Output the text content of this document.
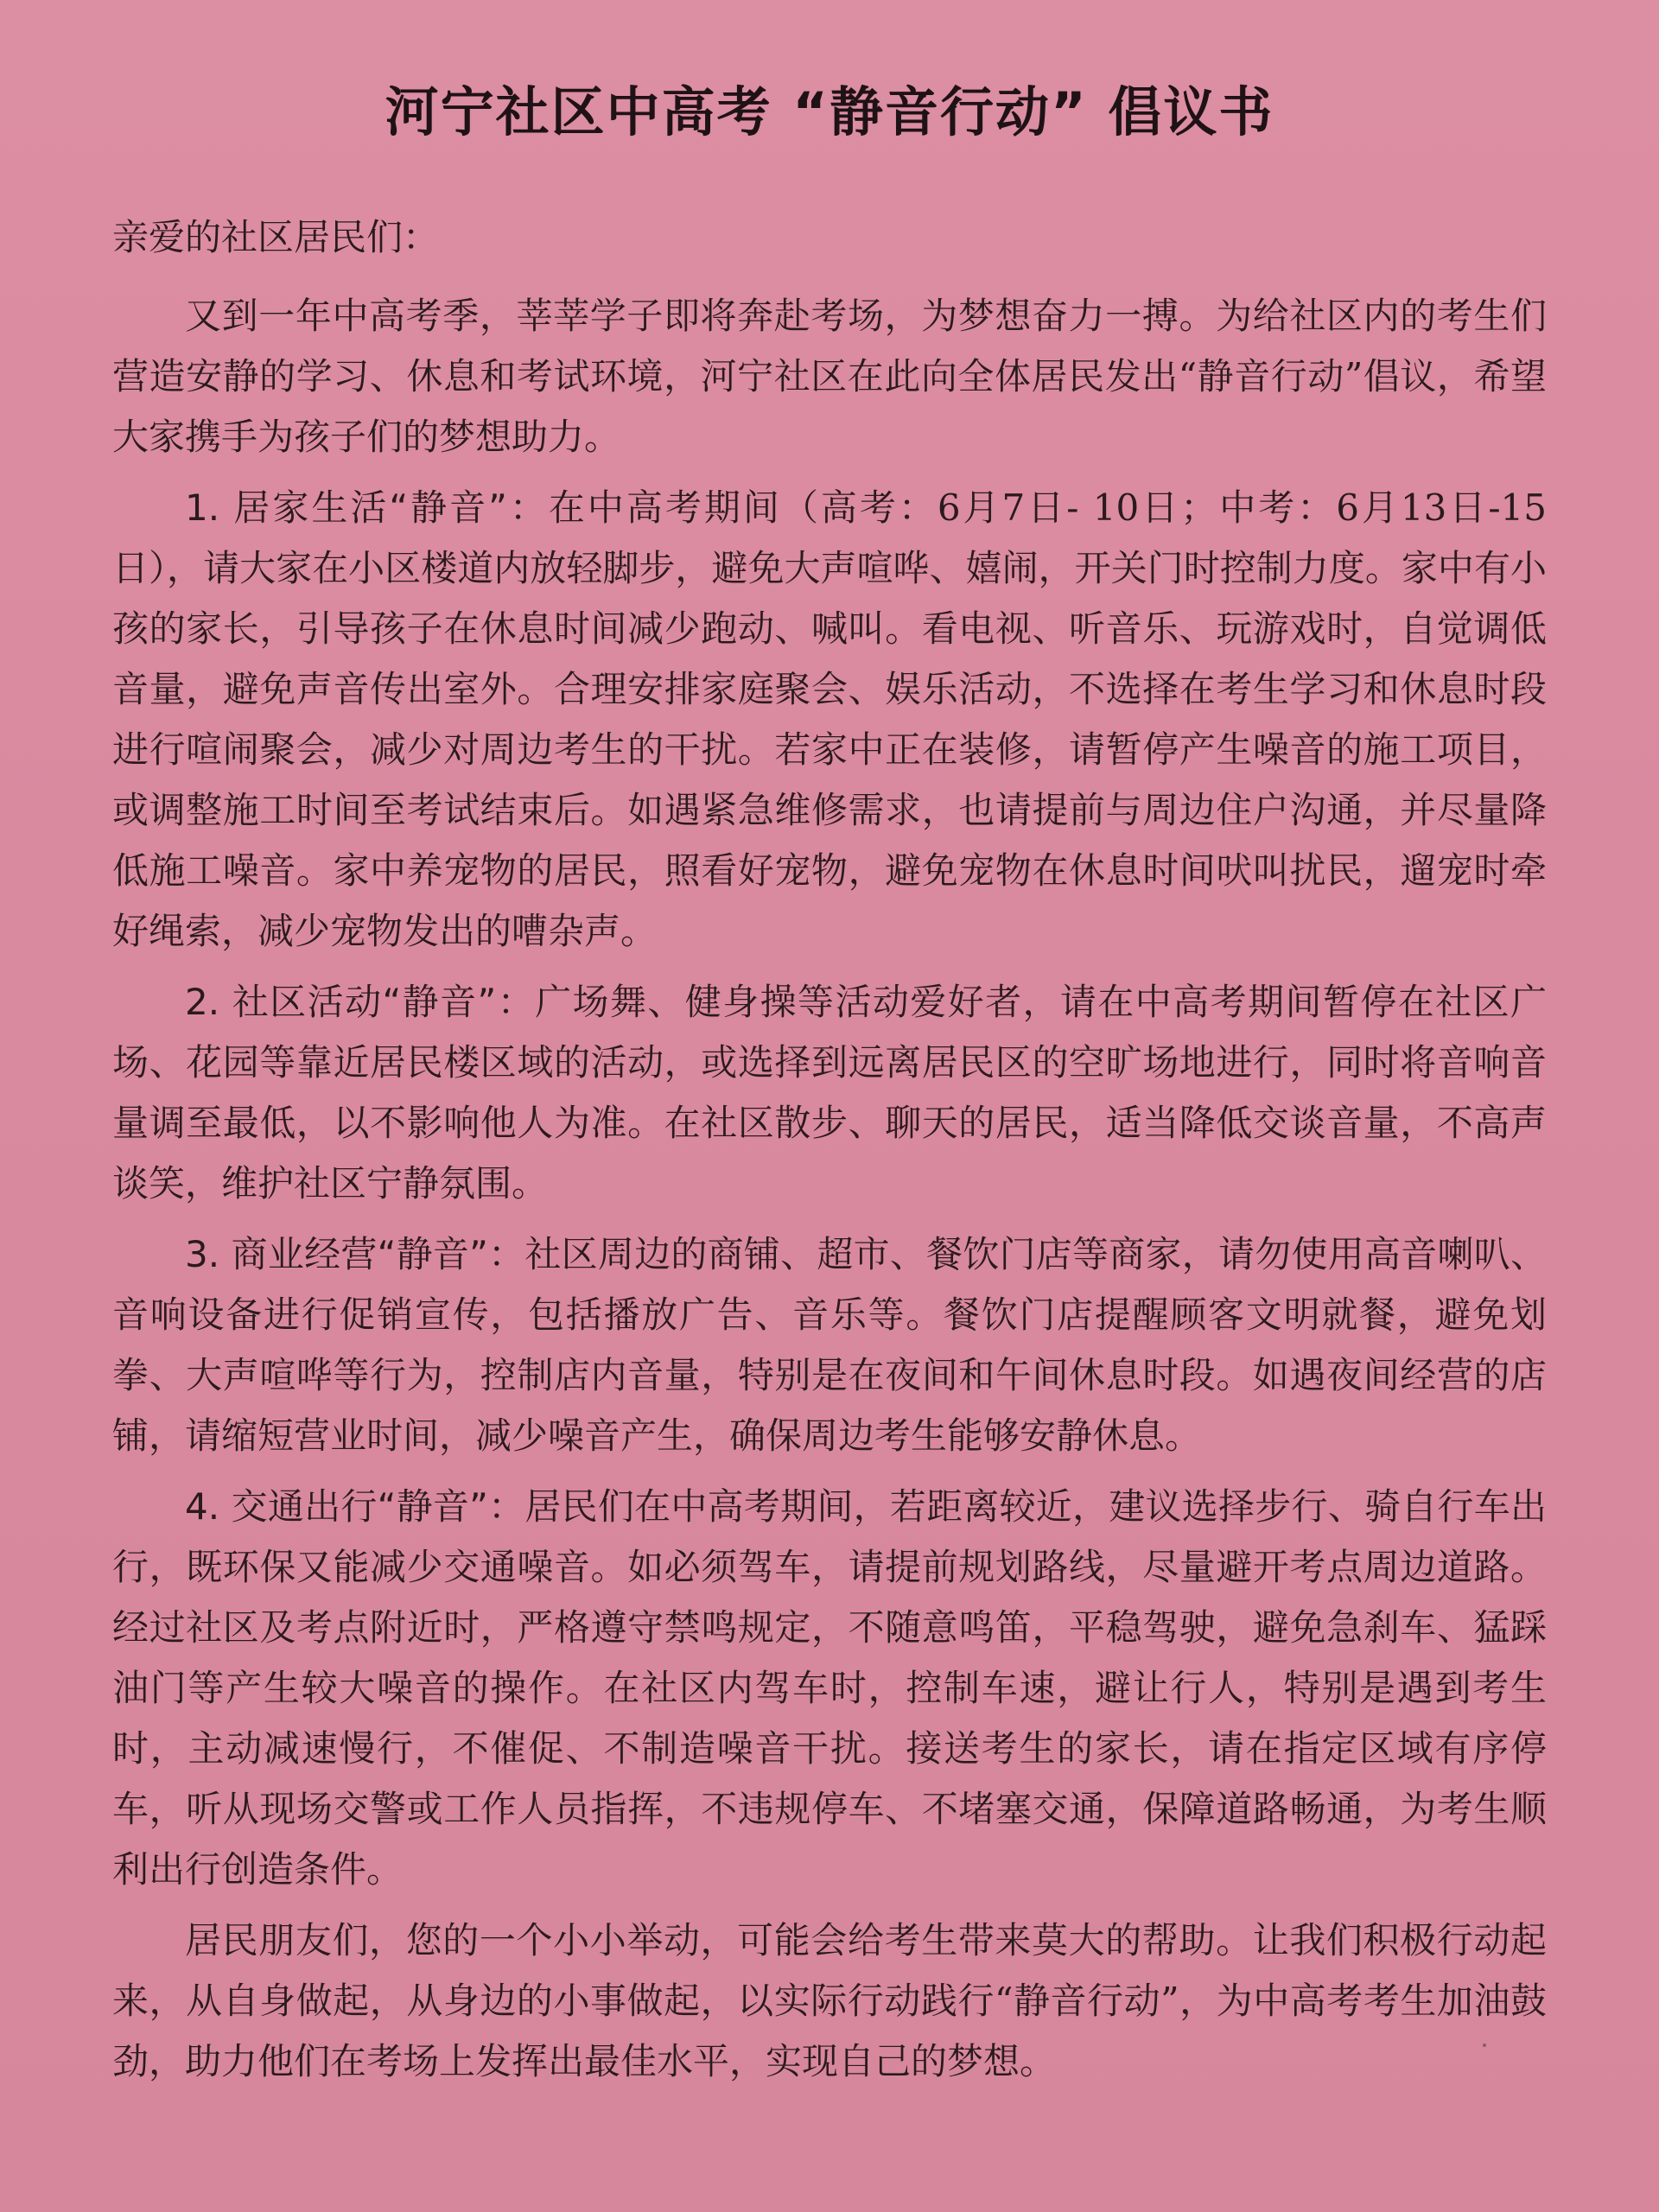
河宁社区中高考 “静音行动” 倡议书

亲爱的社区居民们：

又到一年中高考季，莘莘学子即将奔赴考场，为梦想奋力一搏。为给社区内的考生们营造安静的学习、休息和考试环境，河宁社区在此向全体居民发出“静音行动”倡议，希望大家携手为孩子们的梦想助力。

1. 居家生活“静音”：在中高考期间（高考：6月7日- 10日；中考：6月13日-15日），请大家在小区楼道内放轻脚步，避免大声喧哗、嬉闹，开关门时控制力度。家中有小孩的家长，引导孩子在休息时间减少跑动、喊叫。看电视、听音乐、玩游戏时，自觉调低音量，避免声音传出室外。合理安排家庭聚会、娱乐活动，不选择在考生学习和休息时段进行喧闹聚会，减少对周边考生的干扰。若家中正在装修，请暂停产生噪音的施工项目，或调整施工时间至考试结束后。如遇紧急维修需求，也请提前与周边住户沟通，并尽量降低施工噪音。家中养宠物的居民，照看好宠物，避免宠物在休息时间吠叫扰民，遛宠时牵好绳索，减少宠物发出的嘈杂声。

2. 社区活动“静音”：广场舞、健身操等活动爱好者，请在中高考期间暂停在社区广场、花园等靠近居民楼区域的活动，或选择到远离居民区的空旷场地进行，同时将音响音量调至最低，以不影响他人为准。在社区散步、聊天的居民，适当降低交谈音量，不高声谈笑，维护社区宁静氛围。

3. 商业经营“静音”：社区周边的商铺、超市、餐饮门店等商家，请勿使用高音喇叭、音响设备进行促销宣传，包括播放广告、音乐等。餐饮门店提醒顾客文明就餐，避免划拳、大声喧哗等行为，控制店内音量，特别是在夜间和午间休息时段。如遇夜间经营的店铺，请缩短营业时间，减少噪音产生，确保周边考生能够安静休息。

4. 交通出行“静音”：居民们在中高考期间，若距离较近，建议选择步行、骑自行车出行，既环保又能减少交通噪音。如必须驾车，请提前规划路线，尽量避开考点周边道路。经过社区及考点附近时，严格遵守禁鸣规定，不随意鸣笛，平稳驾驶，避免急刹车、猛踩油门等产生较大噪音的操作。在社区内驾车时，控制车速，避让行人，特别是遇到考生时，主动减速慢行，不催促、不制造噪音干扰。接送考生的家长，请在指定区域有序停车，听从现场交警或工作人员指挥，不违规停车、不堵塞交通，保障道路畅通，为考生顺利出行创造条件。

居民朋友们，您的一个小小举动，可能会给考生带来莫大的帮助。让我们积极行动起来，从自身做起，从身边的小事做起，以实际行动践行“静音行动”，为中高考考生加油鼓劲，助力他们在考场上发挥出最佳水平，实现自己的梦想。
